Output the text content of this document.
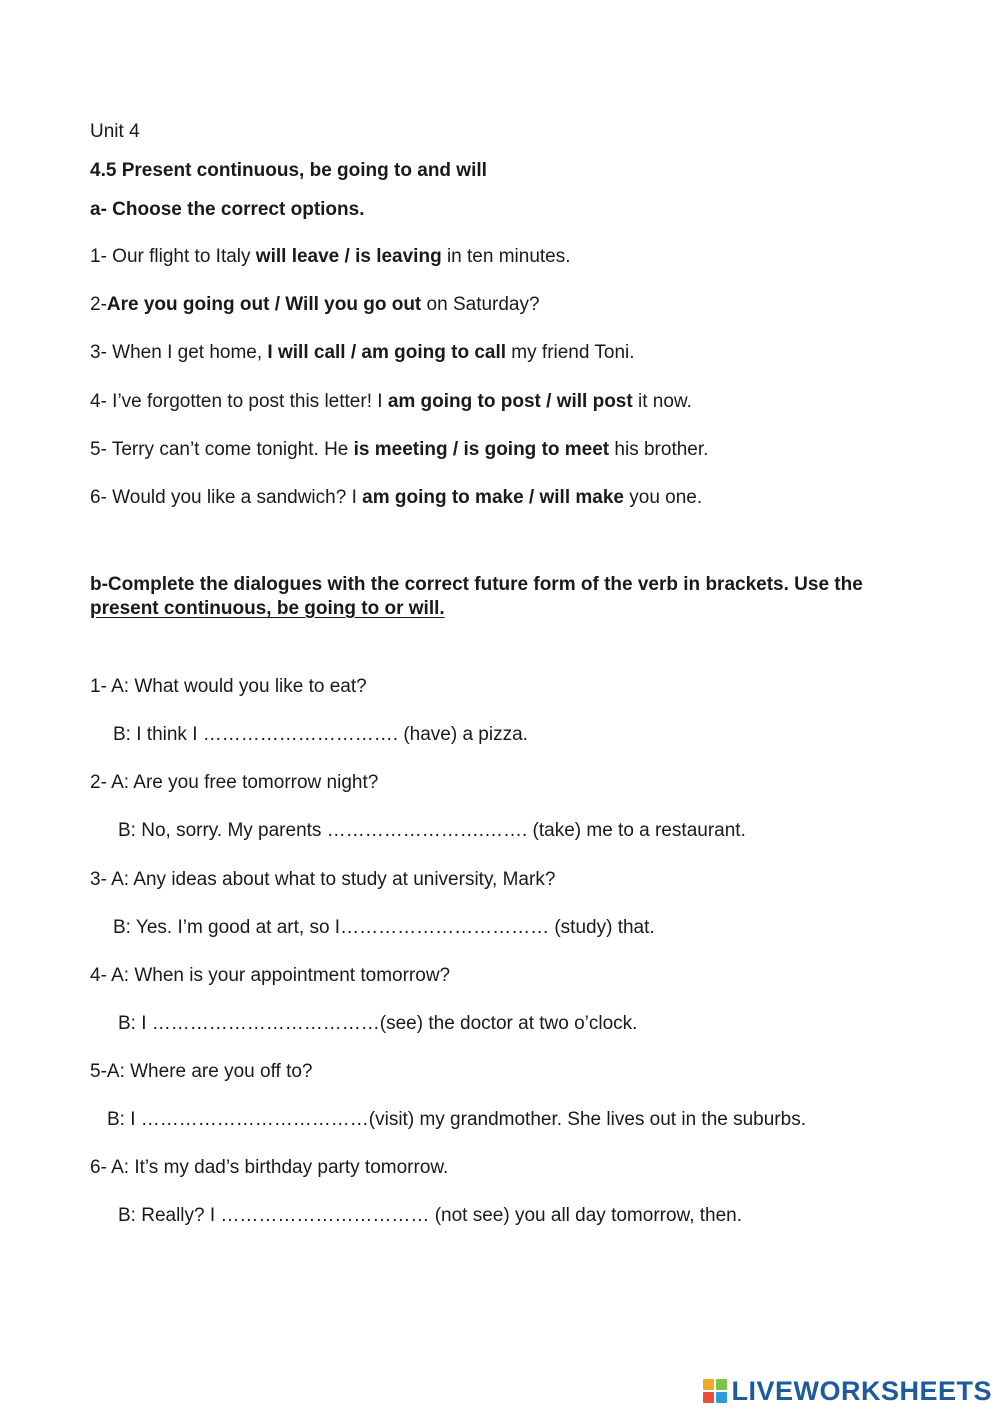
Unit 4
4.5 Present continuous, be going to and will
a- Choose the correct options.
1- Our flight to Italy will leave / is leaving in ten minutes.
2-Are you going out / Will you go out on Saturday?
3- When I get home, I will call / am going to call my friend Toni.
4- I’ve forgotten to post this letter! I am going to post / will post it now.
5- Terry can’t come tonight. He is meeting / is going to meet his brother.
6- Would you like a sandwich? I am going to make / will make you one.
b-Complete the dialogues with the correct future form of the verb in brackets. Use the present continuous, be going to or will.
1- A: What would you like to eat?
B: I think I …………………………. (have) a pizza.
2- A: Are you free tomorrow night?
B: No, sorry. My parents …………………….……. (take) me to a restaurant.
3- A: Any ideas about what to study at university, Mark?
B: Yes. I’m good at art, so I…………………………… (study) that.
4- A: When is your appointment tomorrow?
B: I ………………………………(see) the doctor at two o’clock.
5-A: Where are you off to?
B: I ………………………………(visit) my grandmother. She lives out in the suburbs.
6- A: It’s my dad’s birthday party tomorrow.
B: Really? I …………………………… (not see) you all day tomorrow, then.
LIVEWORKSHEETS
